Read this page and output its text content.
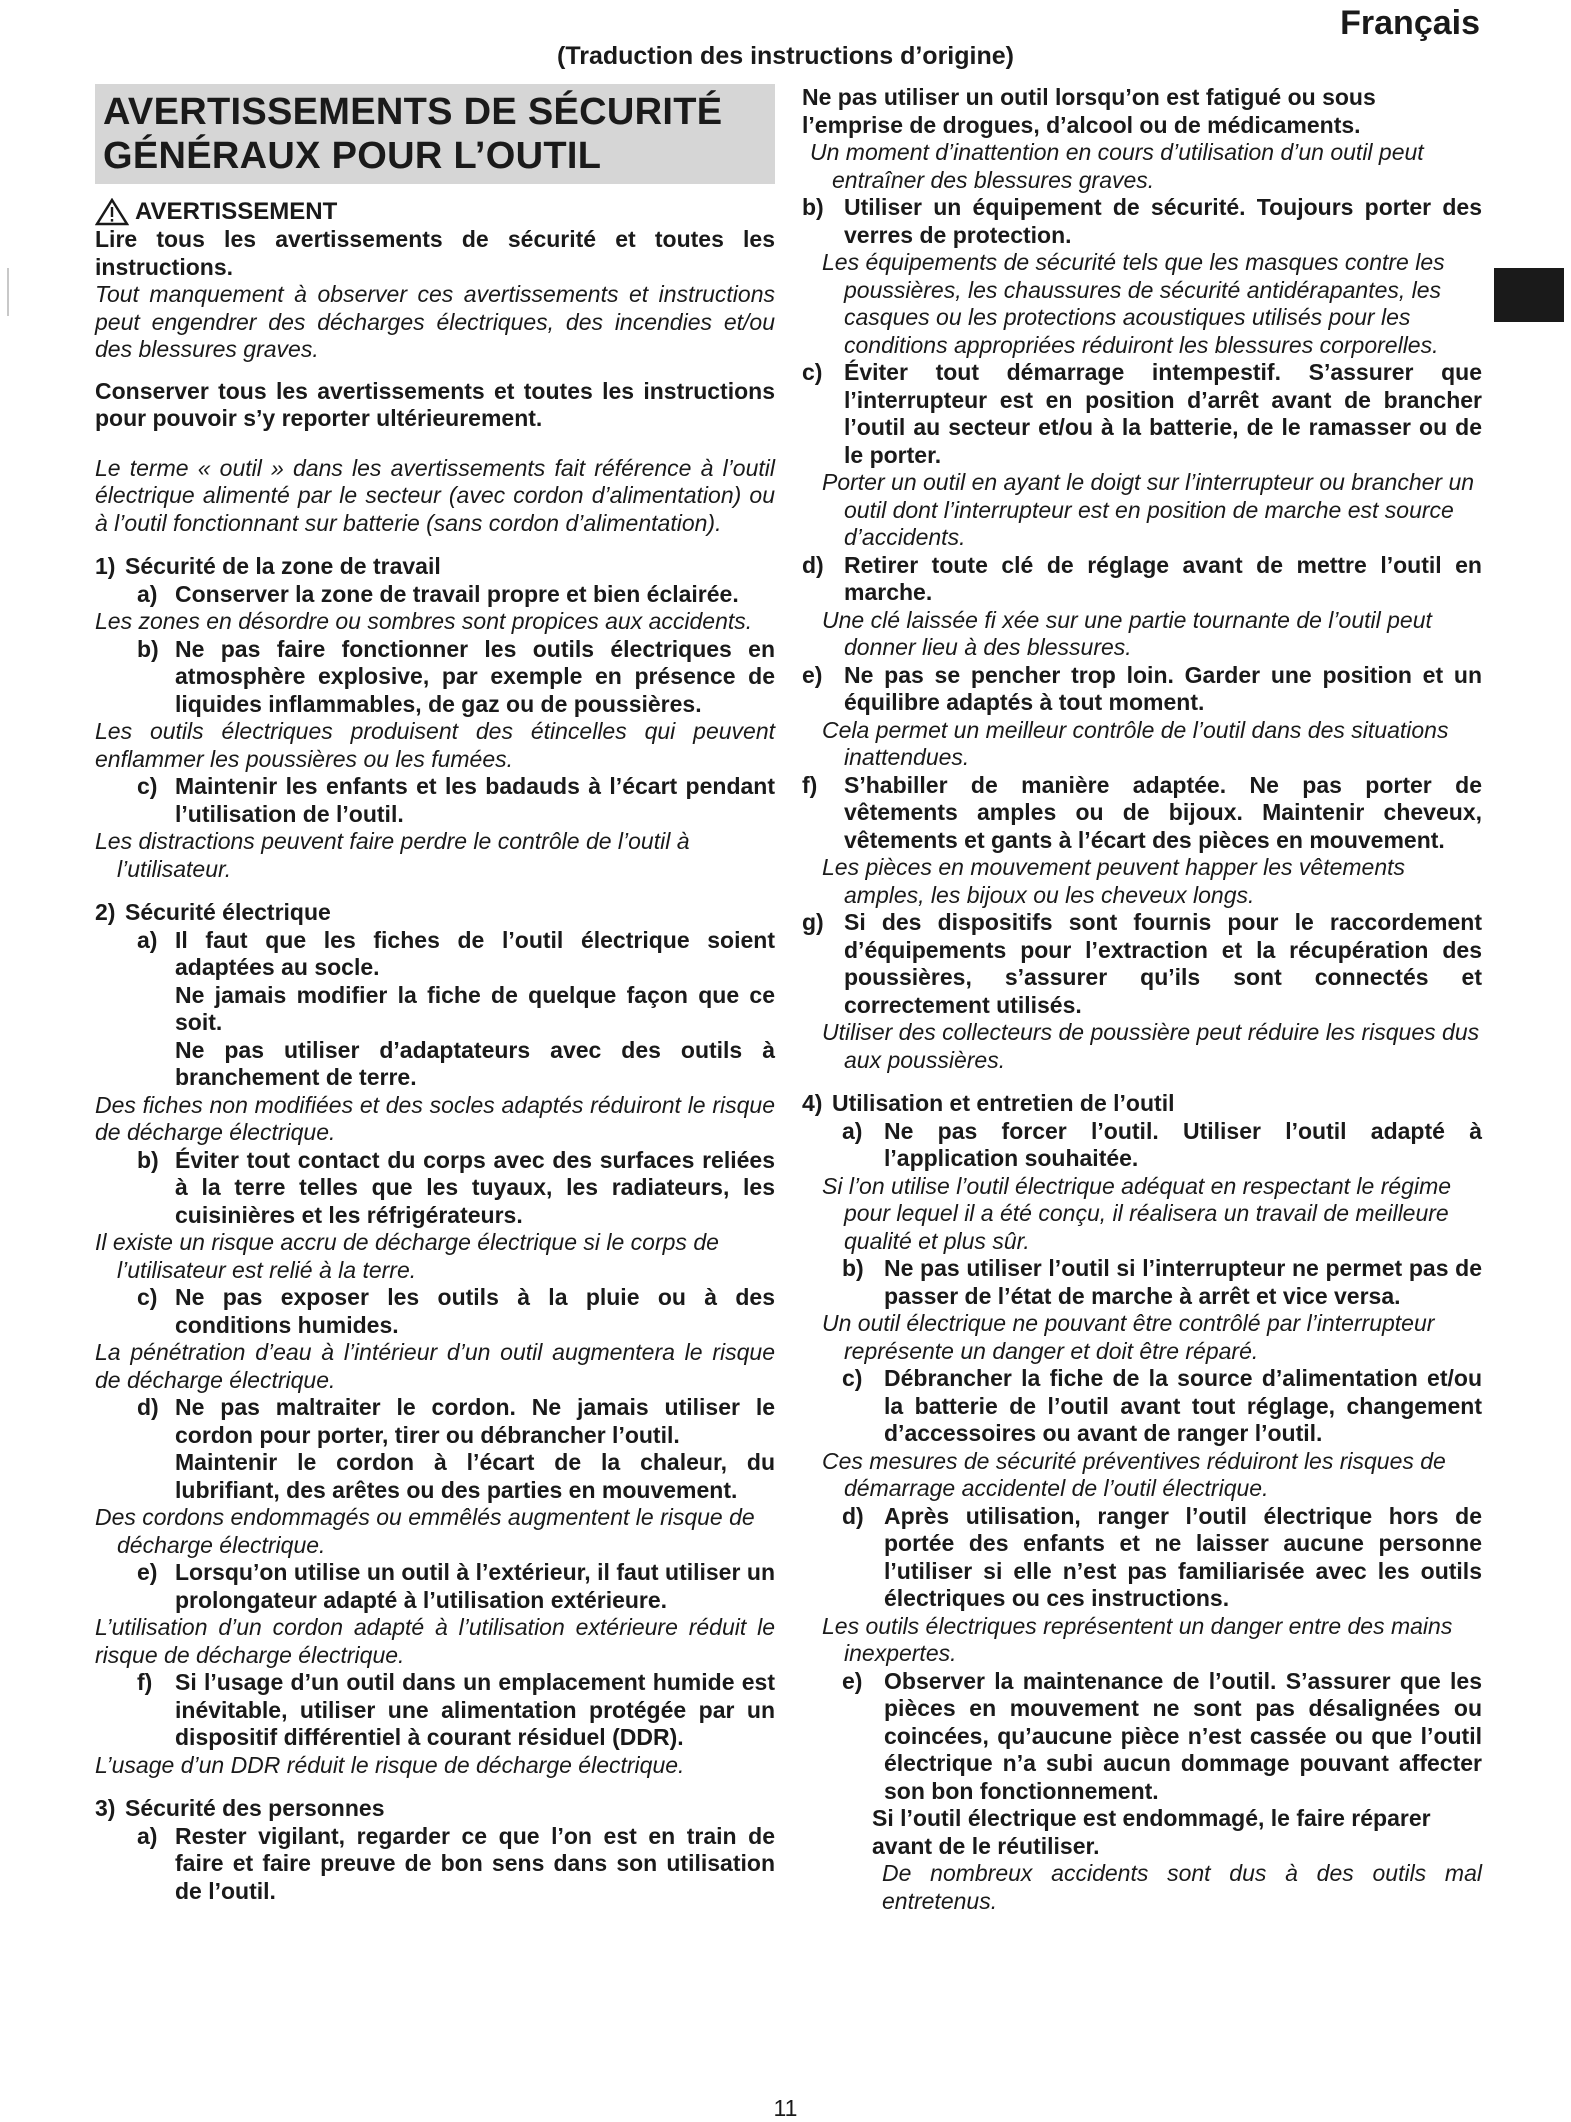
Français
(Traduction des instructions d’origine)
AVERTISSEMENTS DE SÉCURITÉ GÉNÉRAUX POUR L’OUTIL
AVERTISSEMENT

Lire tous les avertissements de sécurité et toutes les instructions.

Tout manquement à observer ces avertissements et instructions peut engendrer des décharges électriques, des incendies et/ou des blessures graves.

Conserver tous les avertissements et toutes les instructions pour pouvoir s’y reporter ultérieurement.

Le terme « outil » dans les avertissements fait référence à l’outil électrique alimenté par le secteur (avec cordon d’alimentation) ou à l’outil fonctionnant sur batterie (sans cordon d’alimentation).

1) Sécurité de la zone de travail

a) Conserver la zone de travail propre et bien éclairée.

Les zones en désordre ou sombres sont propices aux accidents.

b) Ne pas faire fonctionner les outils électriques en atmosphère explosive, par exemple en présence de liquides inflammables, de gaz ou de poussières.

Les outils électriques produisent des étincelles qui peuvent enflammer les poussières ou les fumées.

c) Maintenir les enfants et les badauds à l’écart pendant l’utilisation de l’outil.

Les distractions peuvent faire perdre le contrôle de l’outil à l’utilisateur.

2) Sécurité électrique

a) Il faut que les fiches de l’outil électrique soient adaptées au socle.

Ne jamais modifier la fiche de quelque façon que ce soit.

Ne pas utiliser d’adaptateurs avec des outils à branchement de terre.

Des fiches non modifiées et des socles adaptés réduiront le risque de décharge électrique.

b) Éviter tout contact du corps avec des surfaces reliées à la terre telles que les tuyaux, les radiateurs, les cuisinières et les réfrigérateurs.

Il existe un risque accru de décharge électrique si le corps de l’utilisateur est relié à la terre.

c) Ne pas exposer les outils à la pluie ou à des conditions humides.

La pénétration d’eau à l’intérieur d’un outil augmentera le risque de décharge électrique.

d) Ne pas maltraiter le cordon. Ne jamais utiliser le cordon pour porter, tirer ou débrancher l’outil.

Maintenir le cordon à l’écart de la chaleur, du lubrifiant, des arêtes ou des parties en mouvement.

Des cordons endommagés ou emmêlés augmentent le risque de décharge électrique.

e) Lorsqu’on utilise un outil à l’extérieur, il faut utiliser un prolongateur adapté à l’utilisation extérieure.

L’utilisation d’un cordon adapté à l’utilisation extérieure réduit le risque de décharge électrique.

f) Si l’usage d’un outil dans un emplacement humide est inévitable, utiliser une alimentation protégée par un dispositif différentiel à courant résiduel (DDR).

L’usage d’un DDR réduit le risque de décharge électrique.

3) Sécurité des personnes

a) Rester vigilant, regarder ce que l’on est en train de faire et faire preuve de bon sens dans son utilisation de l’outil.

Ne pas utiliser un outil lorsqu’on est fatigué ou sous l’emprise de drogues, d’alcool ou de médicaments.

Un moment d’inattention en cours d’utilisation d’un outil peut entraîner des blessures graves.

b) Utiliser un équipement de sécurité. Toujours porter des verres de protection.

Les équipements de sécurité tels que les masques contre les poussières, les chaussures de sécurité antidérapantes, les casques ou les protections acoustiques utilisés pour les conditions appropriées réduiront les blessures corporelles.

c) Éviter tout démarrage intempestif. S’assurer que l’interrupteur est en position d’arrêt avant de brancher l’outil au secteur et/ou à la batterie, de le ramasser ou de le porter.

Porter un outil en ayant le doigt sur l’interrupteur ou brancher un outil dont l’interrupteur est en position de marche est source d’accidents.

d) Retirer toute clé de réglage avant de mettre l’outil en marche.

Une clé laissée fi xée sur une partie tournante de l’outil peut donner lieu à des blessures.

e) Ne pas se pencher trop loin. Garder une position et un équilibre adaptés à tout moment.

Cela permet un meilleur contrôle de l’outil dans des situations inattendues.

f)	S’habiller de manière adaptée. Ne pas porter de vêtements amples ou de bijoux. Maintenir cheveux, vêtements et gants à l’écart des pièces en mouvement.

Les pièces en mouvement peuvent happer les vêtements amples, les bijoux ou les cheveux longs.

g) Si des dispositifs sont fournis pour le raccordement d’équipements pour l’extraction et la récupération des poussières, s’assurer qu’ils sont connectés et correctement utilisés.

Utiliser des collecteurs de poussière peut réduire les risques dus aux poussières.

4) Utilisation et entretien de l’outil

a) Ne pas forcer l’outil. Utiliser l’outil adapté à l’application souhaitée.

Si l’on utilise l’outil électrique adéquat en respectant le régime pour lequel il a été conçu, il réalisera un travail de meilleure qualité et plus sûr.

b) Ne pas utiliser l’outil si l’interrupteur ne permet pas de passer de l’état de marche à arrêt et vice versa.

Un outil électrique ne pouvant être contrôlé par l’interrupteur représente un danger et doit être réparé.

c) Débrancher la fiche de la source d’alimentation et/ou la batterie de l’outil avant tout réglage, changement d’accessoires ou avant de ranger l’outil.

Ces mesures de sécurité préventives réduiront les risques de démarrage accidentel de l’outil électrique.

d) Après utilisation, ranger l’outil électrique hors de portée des enfants et ne laisser aucune personne l’utiliser si elle n’est pas familiarisée avec les outils électriques ou ces instructions.

Les outils électriques représentent un danger entre des mains inexpertes.

e) Observer la maintenance de l’outil. S’assurer que les pièces en mouvement ne sont pas désalignées ou coincées, qu’aucune pièce n’est cassée ou que l’outil électrique n’a subi aucun dommage pouvant affecter son bon fonctionnement.

Si l’outil électrique est endommagé, le faire réparer avant de le réutiliser.

De nombreux accidents sont dus à des outils mal entretenus.

11
